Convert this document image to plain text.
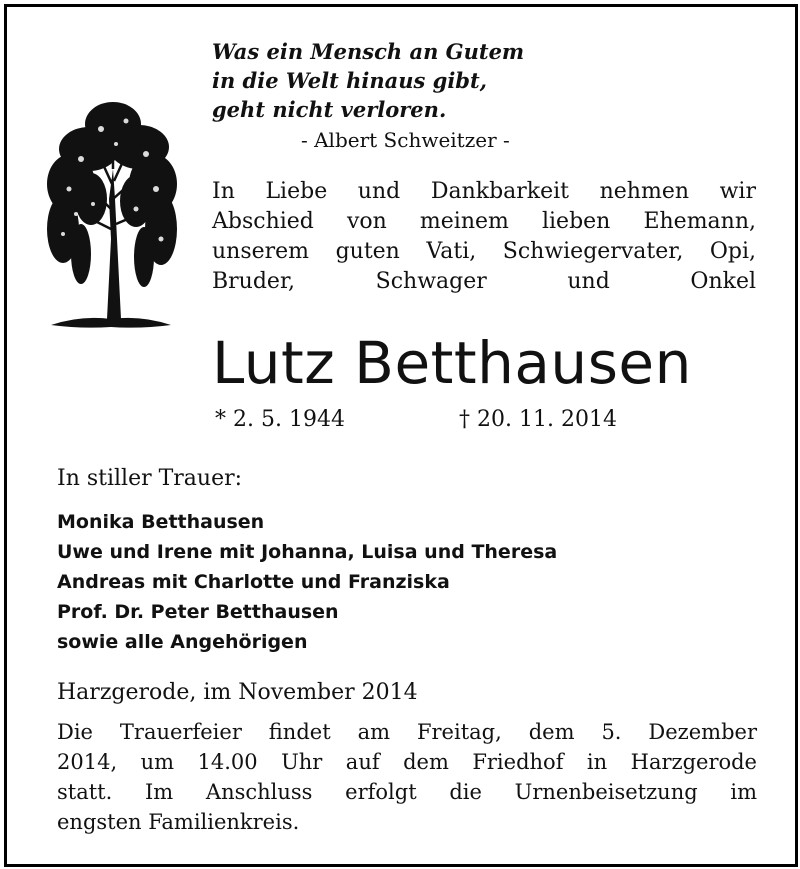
Was ein Mensch an Gutem
in die Welt hinaus gibt,
geht nicht verloren.
- Albert Schweitzer -
In Liebe und Dankbarkeit nehmen wir
Abschied von meinem lieben Ehemann,
unserem guten Vati, Schwiegervater, Opi,
Bruder, Schwager und Onkel
Lutz Betthausen
* 2. 5. 1944	† 20. 11. 2014
In stiller Trauer:
Monika Betthausen
Uwe und Irene mit Johanna, Luisa und Theresa
Andreas mit Charlotte und Franziska
Prof. Dr. Peter Betthausen
sowie alle Angehörigen
Harzgerode, im November 2014
Die Trauerfeier findet am Freitag, dem 5. Dezember
2014, um 14.00 Uhr auf dem Friedhof in Harzgerode
statt. Im Anschluss erfolgt die Urnenbeisetzung im
engsten Familienkreis.
